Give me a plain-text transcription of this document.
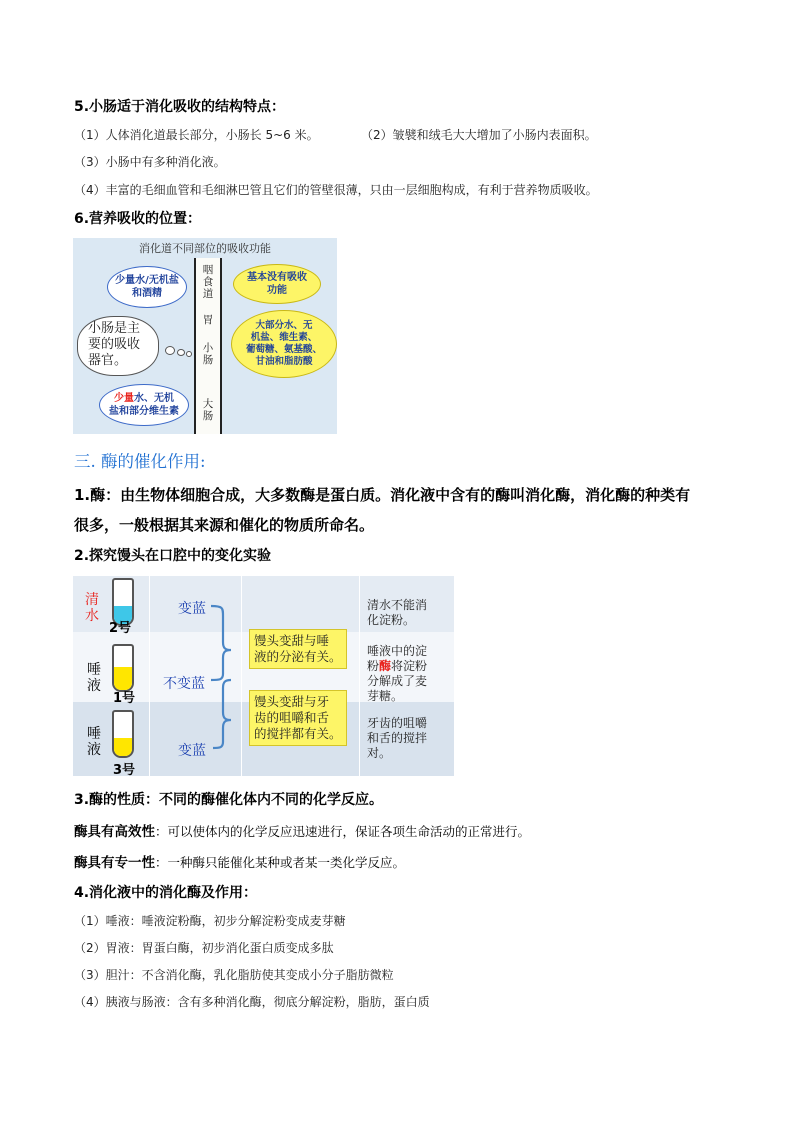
5.小肠适于消化吸收的结构特点：
（1）人体消化道最长部分，小肠长 5~6 米。	（2）皱襞和绒毛大大增加了小肠内表面积。
（3）小肠中有多种消化液。
（4）丰富的毛细血管和毛细淋巴管且它们的管壁很薄，只由一层细胞构成，有利于营养物质吸收。
6.营养吸收的位置：
消化道不同部位的吸收功能
咽
食
道
胃
小
肠
大
肠
少量水/无机盐
和酒精
基本没有吸收
功能
大部分水、无
机盐、维生素、
葡萄糖、氨基酸、
甘油和脂肪酸
小肠是主
要的吸收
器官。
少量水、无机
盐和部分维生素
三. 酶的催化作用:
1.酶：由生物体细胞合成，大多数酶是蛋白质。消化液中含有的酶叫消化酶，消化酶的种类有
很多，一般根据其来源和催化的物质所命名。
2.探究馒头在口腔中的变化实验
清
水
2号
变蓝	清水不能消
化淀粉。
唾
液
1号
不变蓝
唾液中的淀
粉酶将淀粉
分解成了麦
芽糖。
唾
液
3号
变蓝
牙齿的咀嚼
和舌的搅拌
对。
馒头变甜与唾
液的分泌有关。
馒头变甜与牙
齿的咀嚼和舌
的搅拌都有关。
3.酶的性质：不同的酶催化体内不同的化学反应。
酶具有高效性：可以使体内的化学反应迅速进行，保证各项生命活动的正常进行。
酶具有专一性：一种酶只能催化某种或者某一类化学反应。
4.消化液中的消化酶及作用：
（1）唾液：唾液淀粉酶，初步分解淀粉变成麦芽糖
（2）胃液：胃蛋白酶，初步消化蛋白质变成多肽
（3）胆汁：不含消化酶，乳化脂肪使其变成小分子脂肪微粒
（4）胰液与肠液：含有多种消化酶，彻底分解淀粉，脂肪，蛋白质
